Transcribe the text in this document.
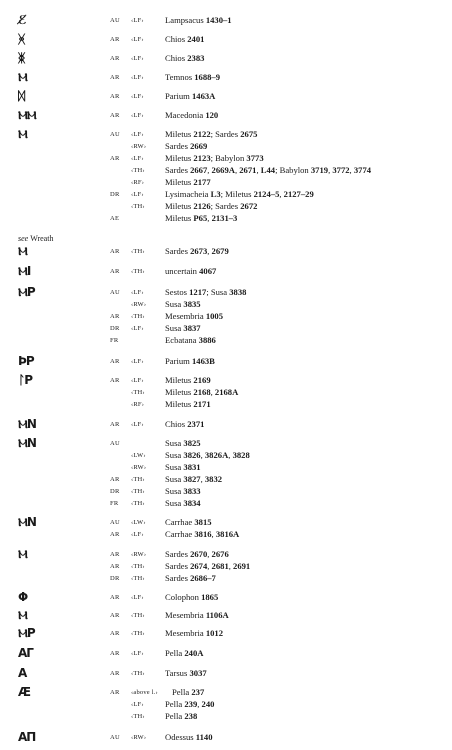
see Wreath
ℰ̸	AU ‹LF› Lampsacus 1430–1
ᚸ	AR ‹LF› Chios 2401
ᛤ	AR ‹LF› Chios 2383
Ⲙ	AR ‹LF› Temnos 1688–9
ᛞ	AR ‹LF› Parium 1463A
ⲘⲘ	AR ‹LF› Macedonia 120
Ⲙ	AU ‹LF› Miletus 2122; Sardes 2675
‹RW› Sardes 2669
AR ‹LF› Miletus 2123; Babylon 3773
‹TH› Sardes 2667, 2669A, 2671, L44; Babylon 3719, 3772, 3774
‹RF› Miletus 2177
DR ‹LF› Lysimacheia L3; Miletus 2124–5, 2127–29
‹TH› Miletus 2126; Sardes 2672
AE	Miletus P65, 2131–3
Ⲙ	AR ‹TH› Sardes 2673, 2679
ⲘI	AR ‹TH› uncertain 4067
ⲘP	AU ‹LF› Sestos 1217; Susa 3838
‹RW› Susa 3835
AR ‹TH› Mesembria 1005
DR ‹LF› Susa 3837
FR	Ecbatana 3886
ϷP	AR ‹LF› Parium 1463B
ᛚP	AR ‹LF› Miletus 2169
‹TH› Miletus 2168, 2168A
‹RF› Miletus 2171
ⲘN	AR ‹LF› Chios 2371
ⲘN	AU	Susa 3825
‹LW› Susa 3826, 3826A, 3828
‹RW› Susa 3831
AR ‹TH› Susa 3827, 3832
DR ‹TH› Susa 3833
FR ‹TH› Susa 3834
ⲘN	AU ‹LW› Carrhae 3815
AR ‹LF› Carrhae 3816, 3816A
Ⲙ	AR ‹RW› Sardes 2670, 2676
AR ‹TH› Sardes 2674, 2681, 2691
DR ‹TH› Sardes 2686–7
Φ	AR ‹LF› Colophon 1865
Ⲙ	AR ‹TH› Mesembria 1106A
ⲘP	AR ‹TH› Mesembria 1012
ΑΓ	AR ‹LF› Pella 240A
Α	AR ‹TH› Tarsus 3037
Æ	AR ‹above l.› Pella 237
‹LF› Pella 239, 240
‹TH› Pella 238
ΑΠ	AU ‹RW› Odessus 1140
